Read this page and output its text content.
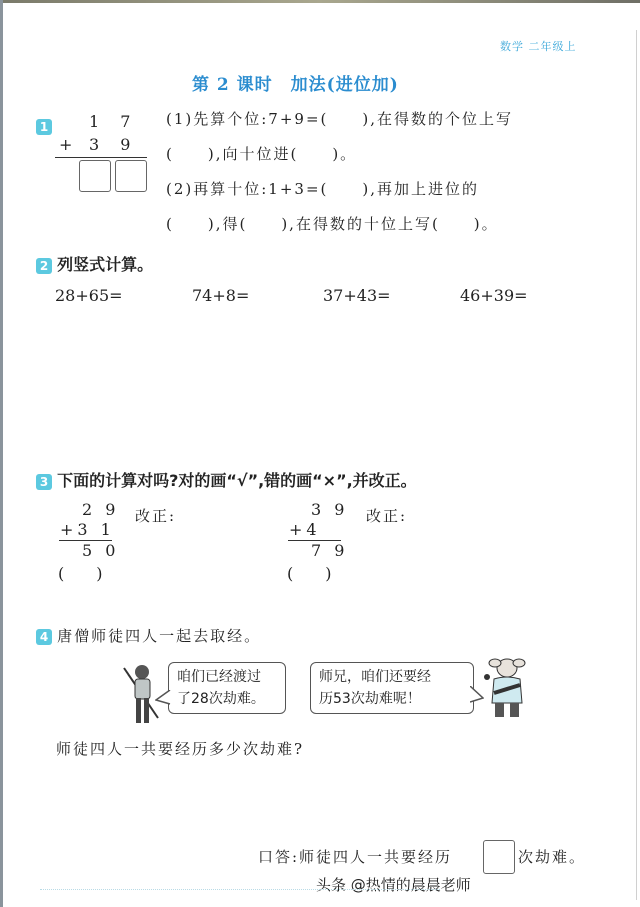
数学 二年级上
第 2 课时　加法(进位加)
1	1 7
+ 3 9
(1)先算个位:7+9=(　　),在得数的个位上写
(　　),向十位进(　　)。
(2)再算十位:1+3=(　　),再加上进位的
(　　),得(　　),在得数的十位上写(　　)。
2 列竖式计算。
28+65=	74+8=	37+43=	46+39=
3 下面的计算对吗?对的画“√”,错的画“×”,并改正。
2 9
+3 1
5 0
(　　)
改正:	3 9
+4
7 9
(　　)
改正:
4 唐僧师徒四人一起去取经。
咱们已经渡过
了28次劫难。
师兄，咱们还要经
历53次劫难呢！
师徒四人一共要经历多少次劫难?
口答:师徒四人一共要经历	次劫难。
头条 @热情的晨晨老师
